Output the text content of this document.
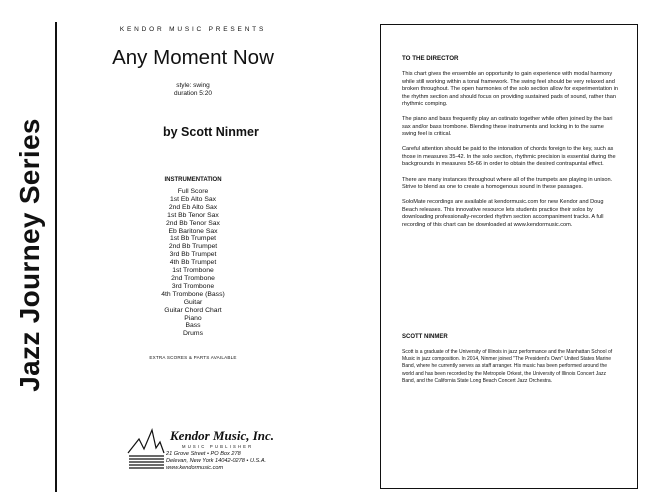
Jazz Journey Series
KENDOR MUSIC PRESENTS
Any Moment Now
style: swing
duration 5:20
by Scott Ninmer
INSTRUMENTATION
Full Score
1st Eb Alto Sax
2nd Eb Alto Sax
1st Bb Tenor Sax
2nd Bb Tenor Sax
Eb Baritone Sax
1st Bb Trumpet
2nd Bb Trumpet
3rd Bb Trumpet
4th Bb Trumpet
1st Trombone
2nd Trombone
3rd Trombone
4th Trombone (Bass)
Guitar
Guitar Chord Chart
Piano
Bass
Drums
EXTRA SCORES & PARTS AVAILABLE
Kendor Music, Inc.
MUSIC PUBLISHER
21 Grove Street • PO Box 278
Delevan, New York 14042-0278 • U.S.A.
www.kendormusic.com
TO THE DIRECTOR

This chart gives the ensemble an opportunity to gain experience with modal harmony while still working within a tonal framework. The swing feel should be very relaxed and broken throughout. The open harmonies of the solo section allow for experimentation in the rhythm section and should focus on providing sustained pads of sound, rather than rhythmic comping.

The piano and bass frequently play an ostinato together while often joined by the bari sax and/or bass trombone. Blending these instruments and locking in to the same swing feel is critical.

Careful attention should be paid to the intonation of chords foreign to the key, such as those in measures 35-42. In the solo section, rhythmic precision is essential during the backgrounds in measures 55-66 in order to obtain the desired contrapuntal effect.

There are many instances throughout where all of the trumpets are playing in unison. Strive to blend as one to create a homogenous sound in these passages.

SoloMate recordings are available at kendormusic.com for new Kendor and Doug Beach releases. This innovative resource lets students practice their solos by downloading professionally-recorded rhythm section accompaniment tracks. A full recording of this chart can be downloaded at www.kendormusic.com.

SCOTT NINMER

Scott is a graduate of the University of Illinois in jazz performance and the Manhattan School of Music in jazz composition. In 2014, Ninmer joined "The President's Own" United States Marine Band, where he currently serves as staff arranger. His music has been performed around the world and has been recorded by the Metropole Orkest, the University of Illinois Concert Jazz Band, and the California State Long Beach Concert Jazz Orchestra.
